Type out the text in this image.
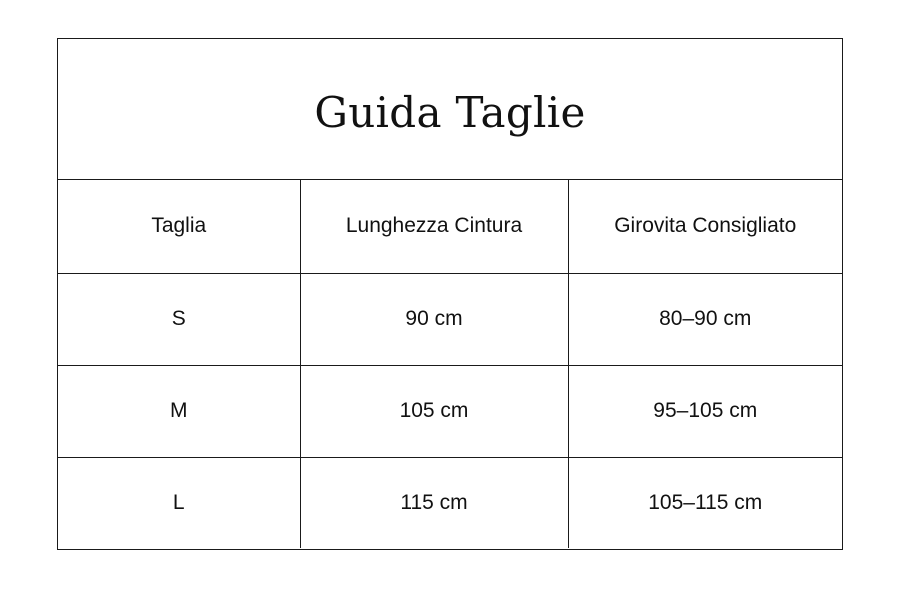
Guida Taglie
Taglia	Lunghezza Cintura	Girovita Consigliato
S	90 cm	80–90 cm
M	105 cm	95–105 cm
L	115 cm	105–115 cm
